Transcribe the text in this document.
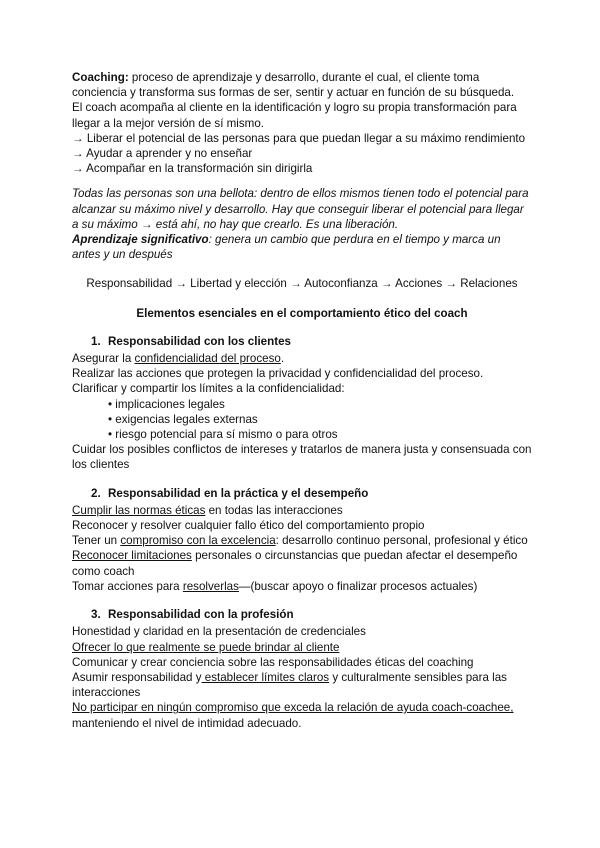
Coaching: proceso de aprendizaje y desarrollo, durante el cual, el cliente toma conciencia y transforma sus formas de ser, sentir y actuar en función de su búsqueda.

El coach acompaña al cliente en la identificación y logro su propia transformación para llegar a la mejor versión de sí mismo.

→ Liberar el potencial de las personas para que puedan llegar a su máximo rendimiento

→ Ayudar a aprender y no enseñar

→ Acompañar en la transformación sin dirigirla

Todas las personas son una bellota: dentro de ellos mismos tienen todo el potencial para alcanzar su máximo nivel y desarrollo. Hay que conseguir liberar el potencial para llegar a su máximo → está ahí, no hay que crearlo. Es una liberación.

Aprendizaje significativo: genera un cambio que perdura en el tiempo y marca un antes y un después

Responsabilidad → Libertad y elección → Autoconfianza → Acciones → Relaciones

Elementos esenciales en el comportamiento ético del coach

1. Responsabilidad con los clientes

Asegurar la confidencialidad del proceso.

Realizar las acciones que protegen la privacidad y confidencialidad del proceso.

Clarificar y compartir los límites a la confidencialidad:

• implicaciones legales
• exigencias legales externas
• riesgo potencial para sí mismo o para otros

Cuidar los posibles conflictos de intereses y tratarlos de manera justa y consensuada con los clientes

2. Responsabilidad en la práctica y el desempeño

Cumplir las normas éticas en todas las interacciones

Reconocer y resolver cualquier fallo ético del comportamiento propio

Tener un compromiso con la excelencia: desarrollo continuo personal, profesional y ético

Reconocer limitaciones personales o circunstancias que puedan afectar el desempeño como coach

Tomar acciones para resolverlas—(buscar apoyo o finalizar procesos actuales)

3. Responsabilidad con la profesión

Honestidad y claridad en la presentación de credenciales

Ofrecer lo que realmente se puede brindar al cliente

Comunicar y crear conciencia sobre las responsabilidades éticas del coaching

Asumir responsabilidad y establecer límites claros y culturalmente sensibles para las interacciones

No participar en ningún compromiso que exceda la relación de ayuda coach-coachee,

manteniendo el nivel de intimidad adecuado.
